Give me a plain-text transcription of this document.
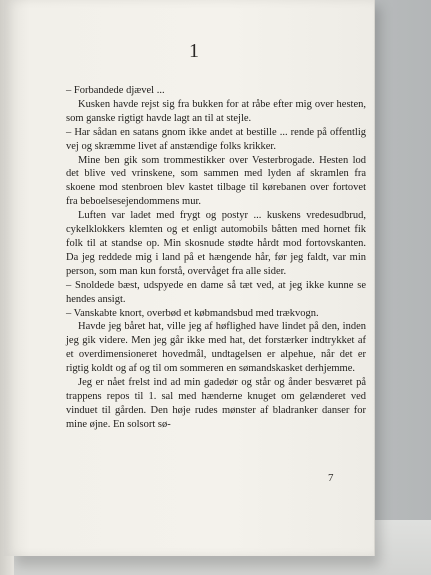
1

– Forbandede djævel ...

Kusken havde rejst sig fra bukken for at råbe efter mig over hesten, som ganske rigtigt havde lagt an til at stejle.

– Har sådan en satans gnom ikke andet at bestille ... rende på offentlig vej og skræmme livet af anstændige folks krikker.

Mine ben gik som trommestikker over Vesterbrogade. Hesten lod det blive ved vrinskene, som sammen med lyden af skramlen fra skoene mod stenbroen blev kastet tilbage til kørebanen over fortovet fra beboelsesejendommens mur.

Luften var ladet med frygt og postyr ... kuskens vredesudbrud, cykelklokkers klemten og et enligt automobils båtten med hornet fik folk til at standse op. Min skosnude stødte hårdt mod fortovskanten. Da jeg reddede mig i land på et hængende hår, før jeg faldt, var min person, som man kun forstå, overvåget fra alle sider.

– Snoldede bæst, udspyede en dame så tæt ved, at jeg ikke kunne se hendes ansigt.

– Vanskabte knort, overbød et købmandsbud med trækvogn.

Havde jeg båret hat, ville jeg af høflighed have lindet på den, inden jeg gik videre. Men jeg går ikke med hat, det forstærker indtrykket af et overdimensioneret hovedmål, undtagelsen er alpehue, når det er rigtig koldt og af og til om sommeren en sømandskasket derhjemme.

Jeg er nået frelst ind ad min gadedør og står og ånder besværet på trappens repos til 1. sal med hænderne knuget om gelænderet ved vinduet til gården. Den høje rudes mønster af bladranker danser for mine øjne. En solsort sø-

7
